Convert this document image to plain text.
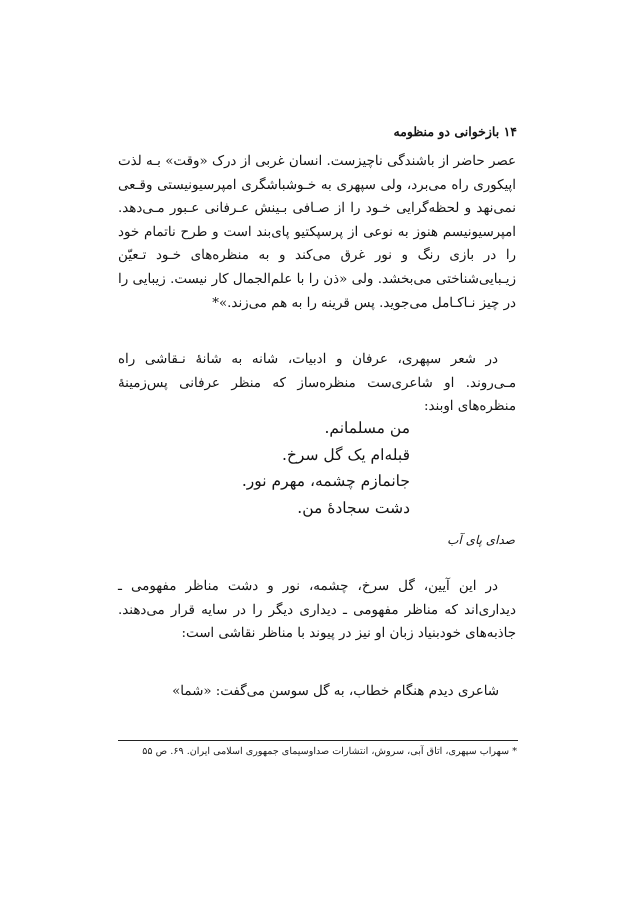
۱۴ بازخوانی دو منظومه

عصر حاضر از باشندگی ناچیزست. انسان غربی از درک «وقت» بـه لذت اپیکوری راه می‌برد، ولی سپهری به خـوشباشگری امپرسیونیستی وقـعی نمی‌نهد و لحظه‌گرایی خـود را از صـافی بـینش عـرفانی عـبور مـی‌دهد. امپرسیونیسم هنوز به نوعی از پرسپکتیو پای‌بند است و طرح ناتمام خود را در بازی رنگ و نور غرق می‌کند و به منظره‌های خـود تـعیّن زیـبایی‌شناختی می‌بخشد. ولی «ذن را با علم‌الجمال کار نیست. زیبایی را در چیز نـاکـامل می‌جوید. پس قرینه را به هم می‌زند.»*

در شعر سپهری، عرفان و ادبیات، شانه به شانهٔ نـقاشی راه مـی‌روند. او شاعری‌ست منظره‌ساز که منظر عرفانی پس‌زمینهٔ منظره‌های اوبند:

من مسلمانم.
قبله‌ام یک گل سرخ.
جانمازم چشمه، مهرم نور.
دشت سجادهٔ من.
صدای پای آب

در این آیین، گل سرخ، چشمه، نور و دشت مناظر مفهومی ـ دیداری‌اند که مناظر مفهومی ـ دیداری دیگر را در سایه قرار می‌دهند. جاذبه‌های خودبنیاد زبان او نیز در پیوند با مناظر نقاشی است:

شاعری دیدم هنگام خطاب، به گل سوسن می‌گفت: «شما»
* سهراب سپهری، اتاق آبی، سروش، انتشارات صداوسیمای جمهوری اسلامی ایران. ۶۹. ص ۵۵
